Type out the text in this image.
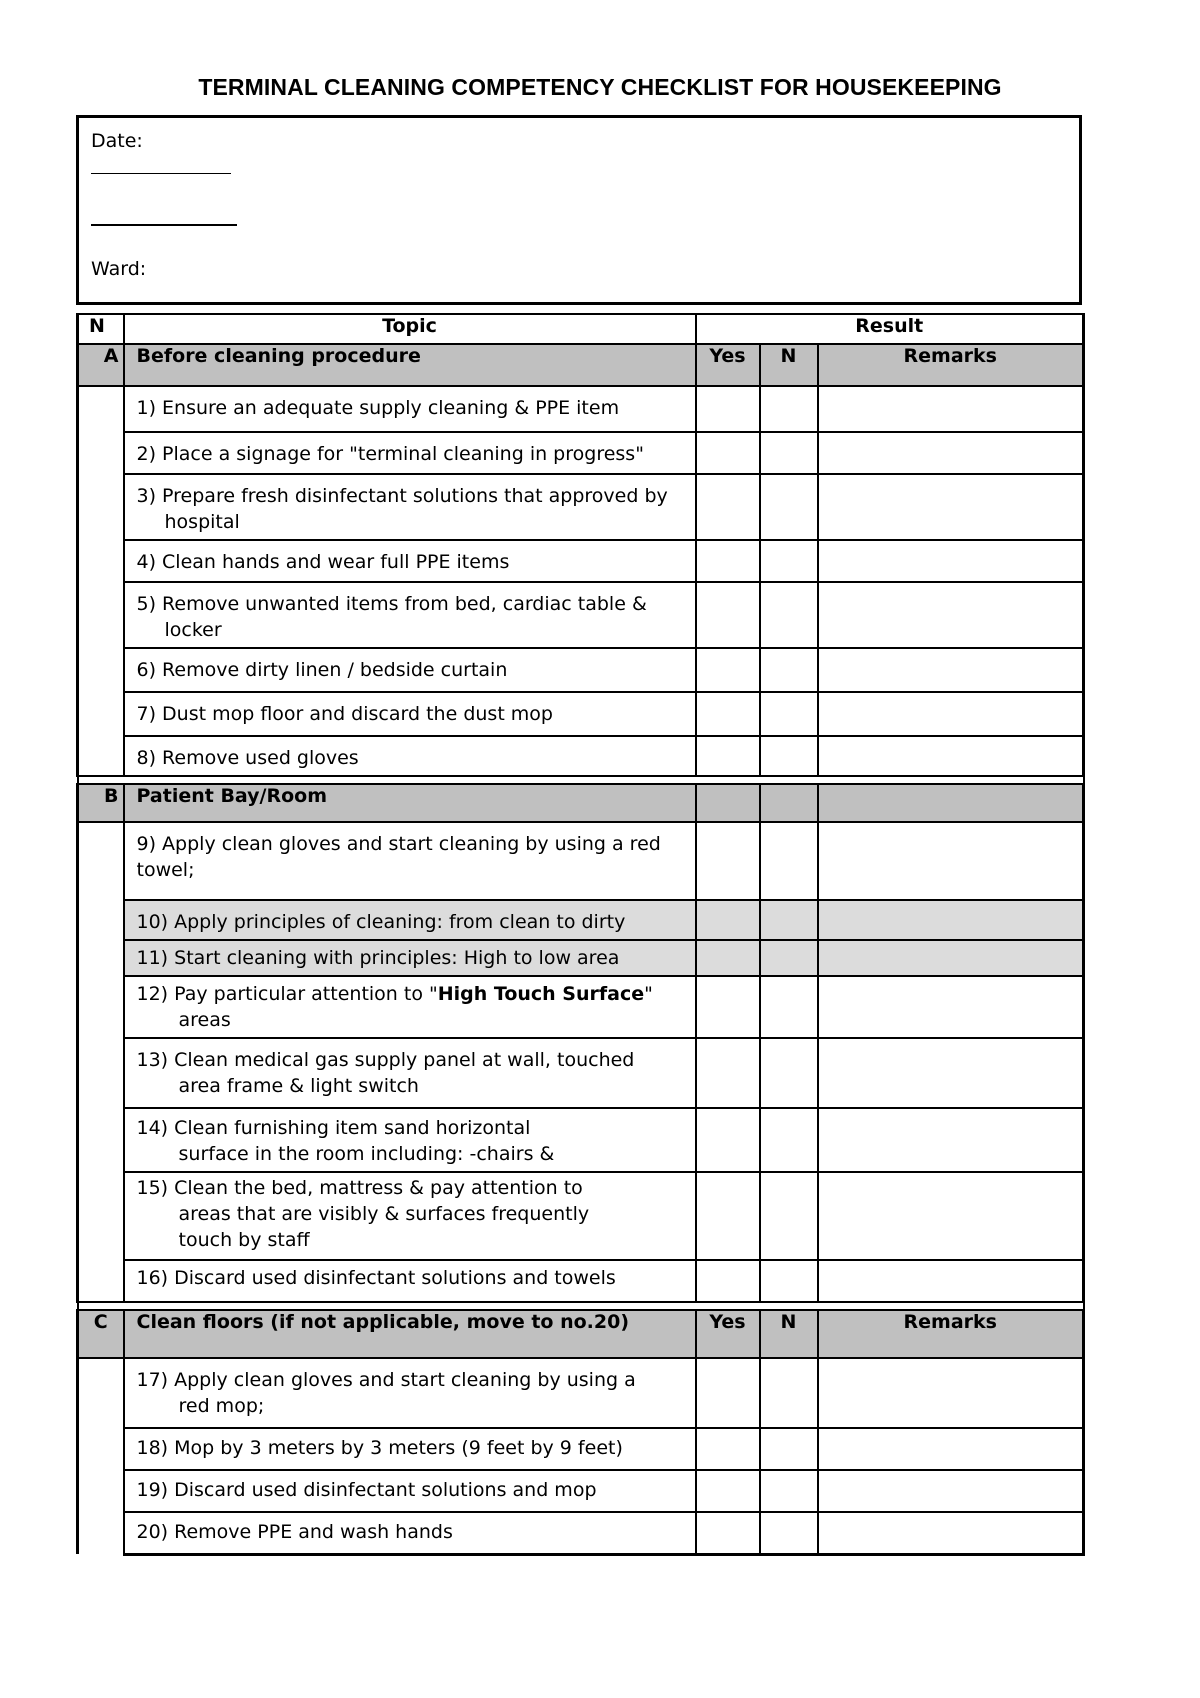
TERMINAL CLEANING COMPETENCY CHECKLIST FOR HOUSEKEEPING
Date:
Ward:
N	Topic	Result		
A	Before cleaning procedure	Yes	N	Remarks
	1) Ensure an adequate supply cleaning & PPE item			
	2) Place a signage for "terminal cleaning in progress"			

	3) Prepare fresh disinfectant solutions that approved by
hospital			

	4) Clean hands and wear full PPE items			

	5) Remove unwanted items from bed, cardiac table &
locker			

	6) Remove dirty linen / bedside curtain			
	7) Dust mop floor and discard the dust mop			
	8) Remove used gloves			

B	Patient Bay/Room			

	9) Apply clean gloves and start cleaning by using a red
towel;			

	10) Apply principles of cleaning: from clean to dirty			
	11) Start cleaning with principles: High to low area			

	12) Pay particular attention to "High Touch Surface"
areas			

	13) Clean medical gas supply panel at wall, touched
area frame & light switch			

	14) Clean furnishing item sand horizontal
surface in the room including: -chairs &			

	15) Clean the bed, mattress & pay attention to
areas that are visibly & surfaces frequently
touch by staff			

	16) Discard used disinfectant solutions and towels			

C	Clean floors (if not applicable, move to no.20)	Yes	N	Remarks

	17) Apply clean gloves and start cleaning by using a
red mop;			

	18) Mop by 3 meters by 3 meters (9 feet by 9 feet)			
	19) Discard used disinfectant solutions and mop			
	20) Remove PPE and wash hands			
